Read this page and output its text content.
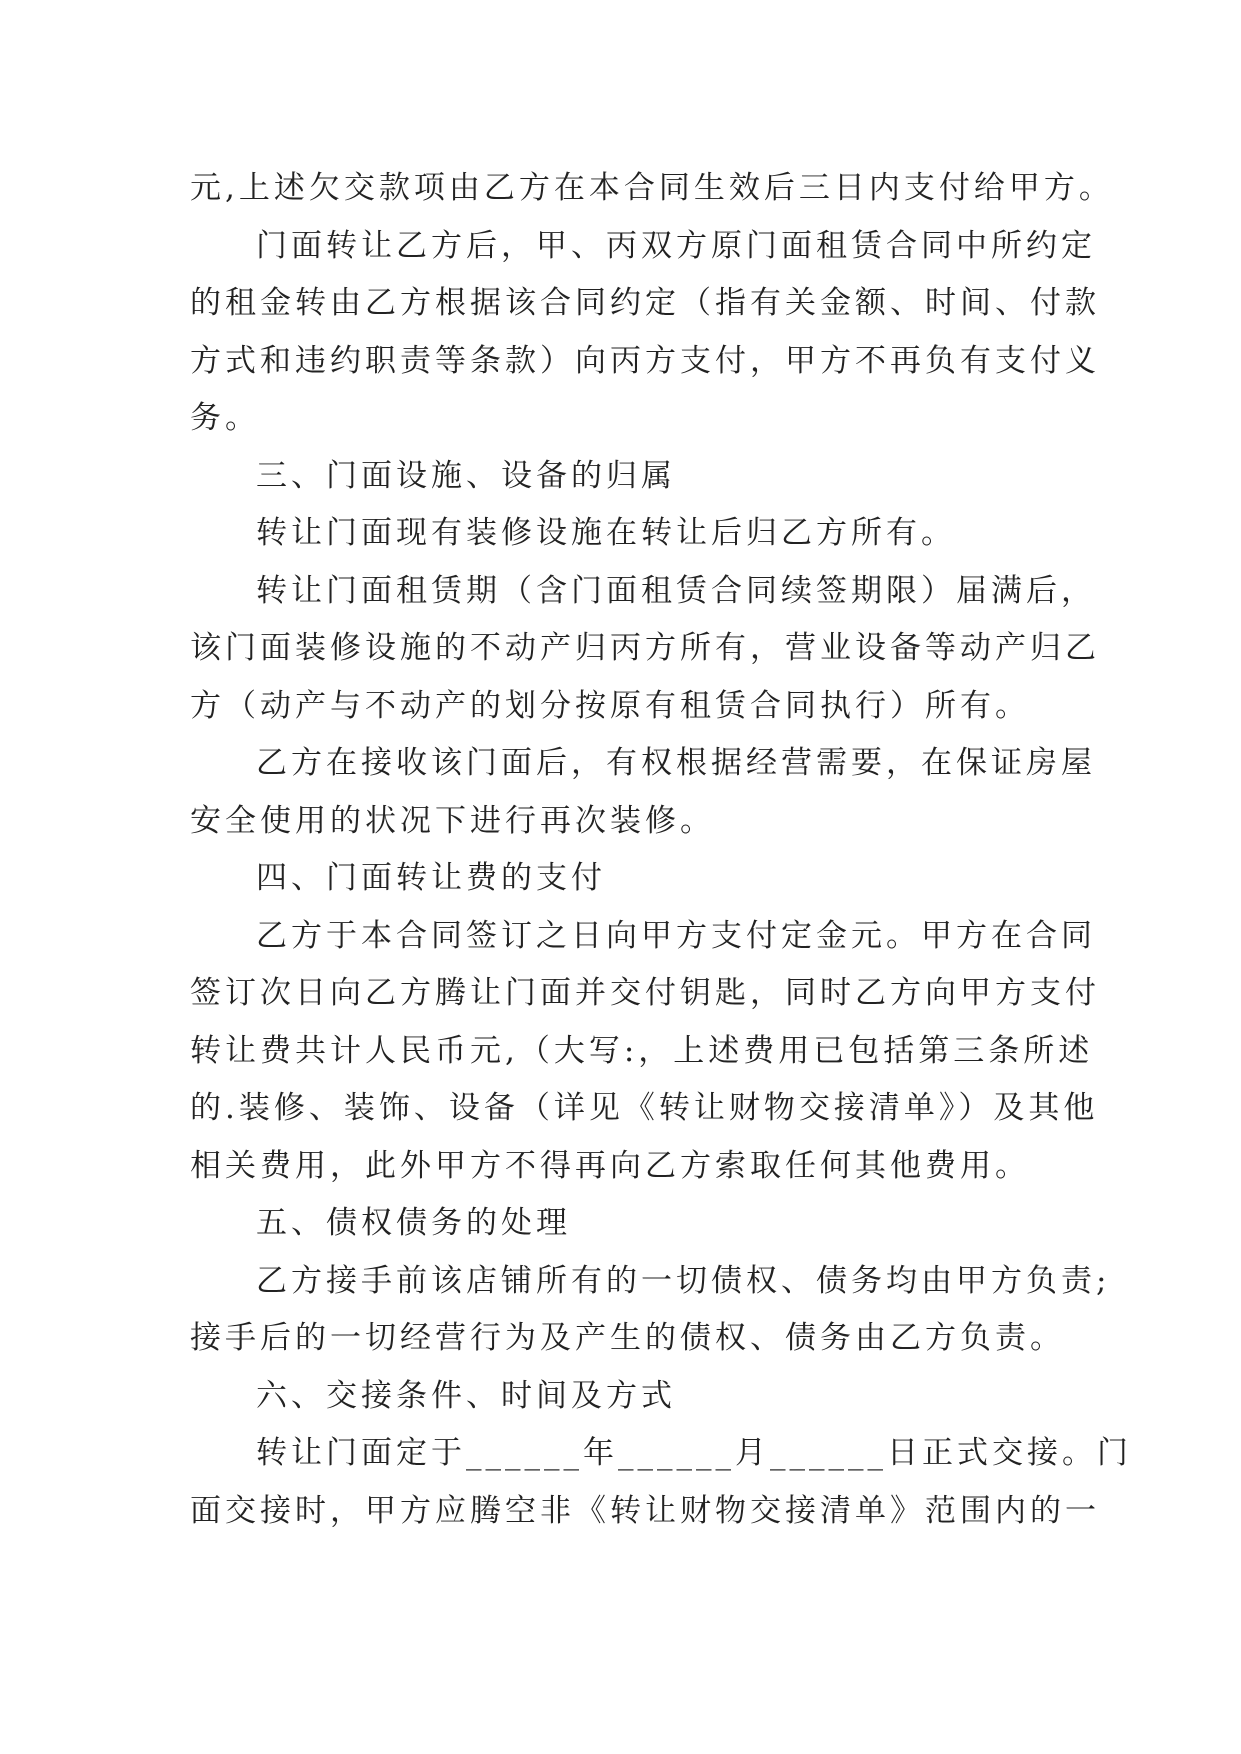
元,上述欠交款项由乙方在本合同生效后三日内支付给甲方。
门面转让乙方后，甲、丙双方原门面租赁合同中所约定
的租金转由乙方根据该合同约定（指有关金额、时间、付款
方式和违约职责等条款）向丙方支付，甲方不再负有支付义
务。
三、门面设施、设备的归属
转让门面现有装修设施在转让后归乙方所有。
转让门面租赁期（含门面租赁合同续签期限）届满后，
该门面装修设施的不动产归丙方所有，营业设备等动产归乙
方（动产与不动产的划分按原有租赁合同执行）所有。
乙方在接收该门面后，有权根据经营需要，在保证房屋
安全使用的状况下进行再次装修。
四、门面转让费的支付
乙方于本合同签订之日向甲方支付定金元。甲方在合同
签订次日向乙方腾让门面并交付钥匙，同时乙方向甲方支付
转让费共计人民币元,（大写:，上述费用已包括第三条所述
的.装修、装饰、设备（详见《转让财物交接清单》）及其他
相关费用，此外甲方不得再向乙方索取任何其他费用。
五、债权债务的处理
乙方接手前该店铺所有的一切债权、债务均由甲方负责;
接手后的一切经营行为及产生的债权、债务由乙方负责。
六、交接条件、时间及方式
转让门面定于______年______月______日正式交接。门
面交接时，甲方应腾空非《转让财物交接清单》范围内的一
